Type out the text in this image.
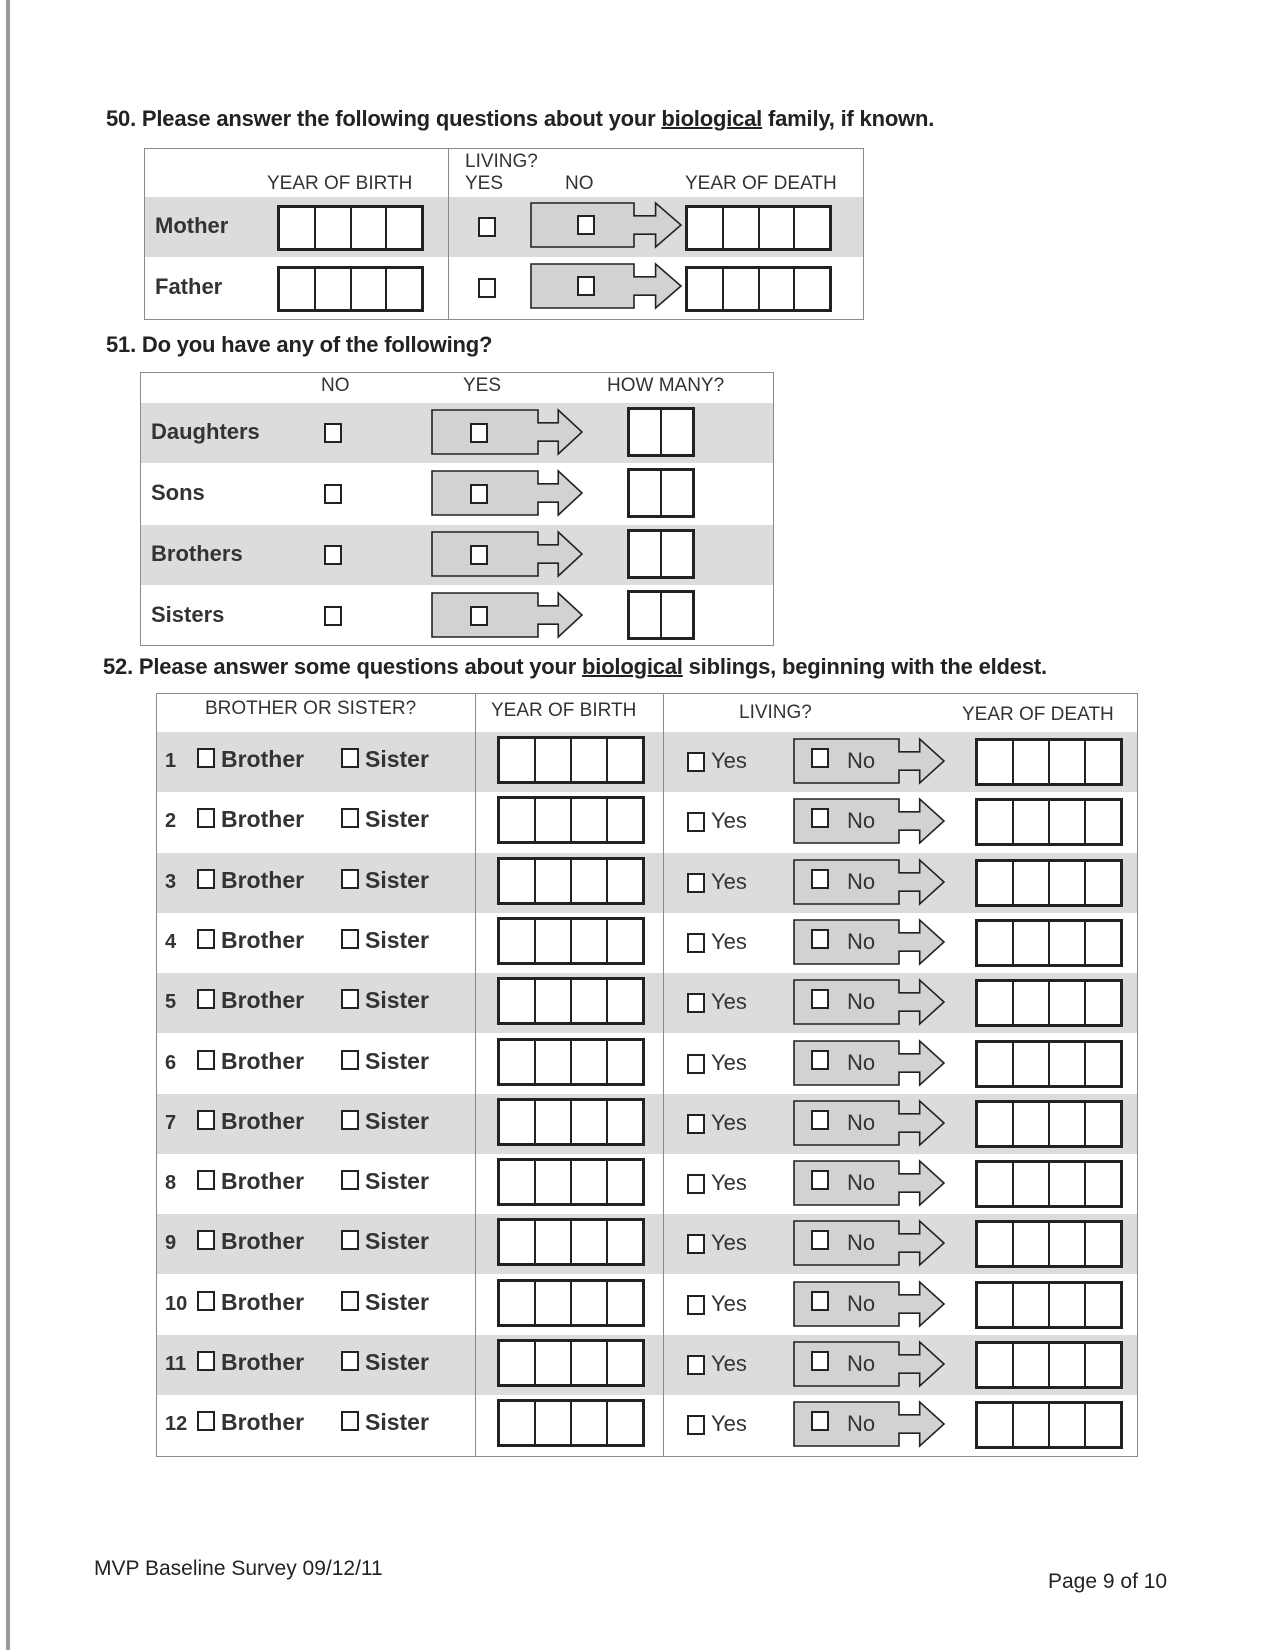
50. Please answer the following questions about your biological family, if known.
LIVING?
YEAR OF BIRTH	YES	NO	YEAR OF DEATH
Mother
Father
51. Do you have any of the following?
NO	YES	HOW MANY?
Daughters
Sons
Brothers
Sisters
52. Please answer some questions about your biological siblings, beginning with the eldest.
BROTHER OR SISTER?	YEAR OF BIRTH	LIVING?	YEAR OF DEATH
1 Brother	Sister	Yes	No
2 Brother	Sister	Yes	No
3 Brother	Sister	Yes	No
4 Brother	Sister	Yes	No
5 Brother	Sister	Yes	No
6 Brother	Sister	Yes	No
7 Brother	Sister	Yes	No
8 Brother	Sister	Yes	No
9 Brother	Sister	Yes	No
10 Brother	Sister	Yes	No
11 Brother	Sister	Yes	No
12 Brother	Sister	Yes	No
MVP Baseline Survey 09/12/11
Page 9 of 10
